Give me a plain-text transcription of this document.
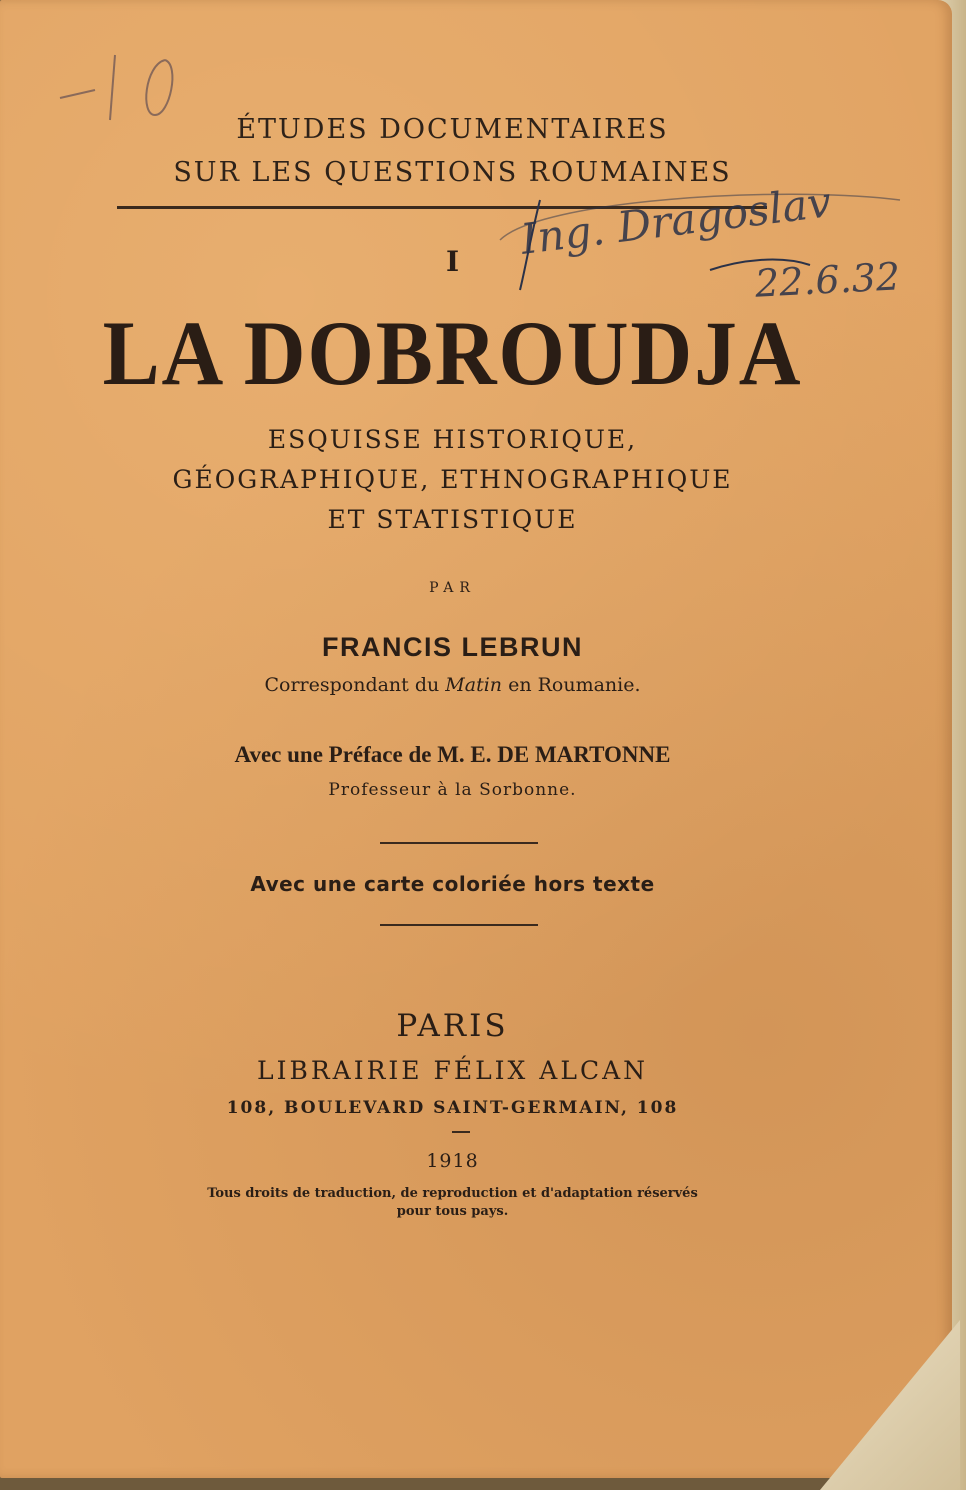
ÉTUDES DOCUMENTAIRES
SUR LES QUESTIONS ROUMAINES
I
LA DOBROUDJA
ESQUISSE HISTORIQUE,
GÉOGRAPHIQUE, ETHNOGRAPHIQUE
ET STATISTIQUE
PAR
FRANCIS LEBRUN
Correspondant du Matin en Roumanie.
Avec une Préface de M. E. DE MARTONNE
Professeur à la Sorbonne.
Avec une carte coloriée hors texte
PARIS
LIBRAIRIE FÉLIX ALCAN
108, BOULEVARD SAINT-GERMAIN, 108
1918
Tous droits de traduction, de reproduction et d'adaptation réservés
pour tous pays.
Ing. Dragoslav
22.6.32
